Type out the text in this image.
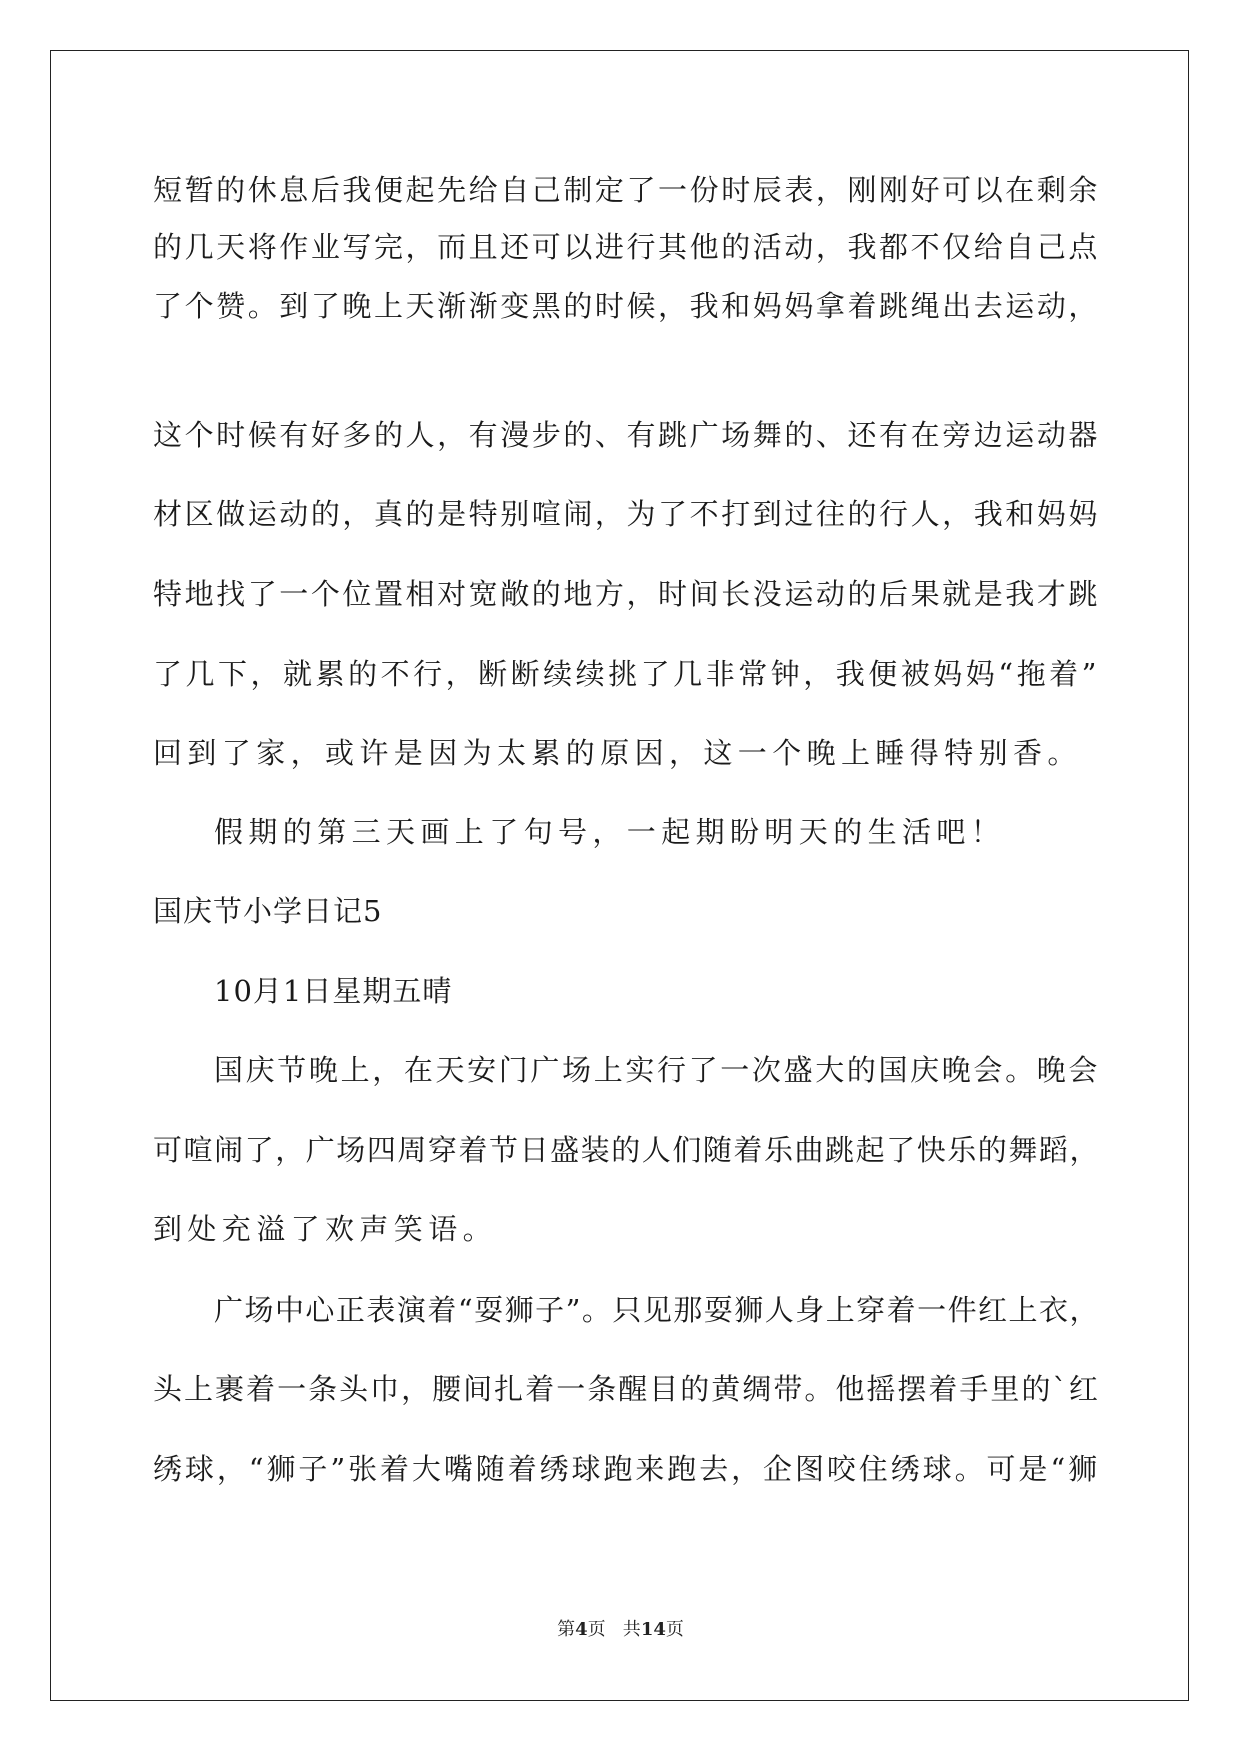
短暂的休息后我便起先给自己制定了一份时辰表，刚刚好可以在剩余
的几天将作业写完，而且还可以进行其他的活动，我都不仅给自己点
了个赞。到了晚上天渐渐变黑的时候，我和妈妈拿着跳绳出去运动，
这个时候有好多的人，有漫步的、有跳广场舞的、还有在旁边运动器
材区做运动的，真的是特别喧闹，为了不打到过往的行人，我和妈妈
特地找了一个位置相对宽敞的地方，时间长没运动的后果就是我才跳
了几下，就累的不行，断断续续挑了几非常钟，我便被妈妈“拖着”
回到了家，或许是因为太累的原因，这一个晚上睡得特别香。
假期的第三天画上了句号，一起期盼明天的生活吧！
国庆节小学日记5
10月1日星期五晴
国庆节晚上，在天安门广场上实行了一次盛大的国庆晚会。晚会
可喧闹了，广场四周穿着节日盛装的人们随着乐曲跳起了快乐的舞蹈，
到处充溢了欢声笑语。
广场中心正表演着“耍狮子”。只见那耍狮人身上穿着一件红上衣，
头上裹着一条头巾，腰间扎着一条醒目的黄绸带。他摇摆着手里的`红
绣球，“狮子”张着大嘴随着绣球跑来跑去，企图咬住绣球。可是“狮
第4页   共14页
